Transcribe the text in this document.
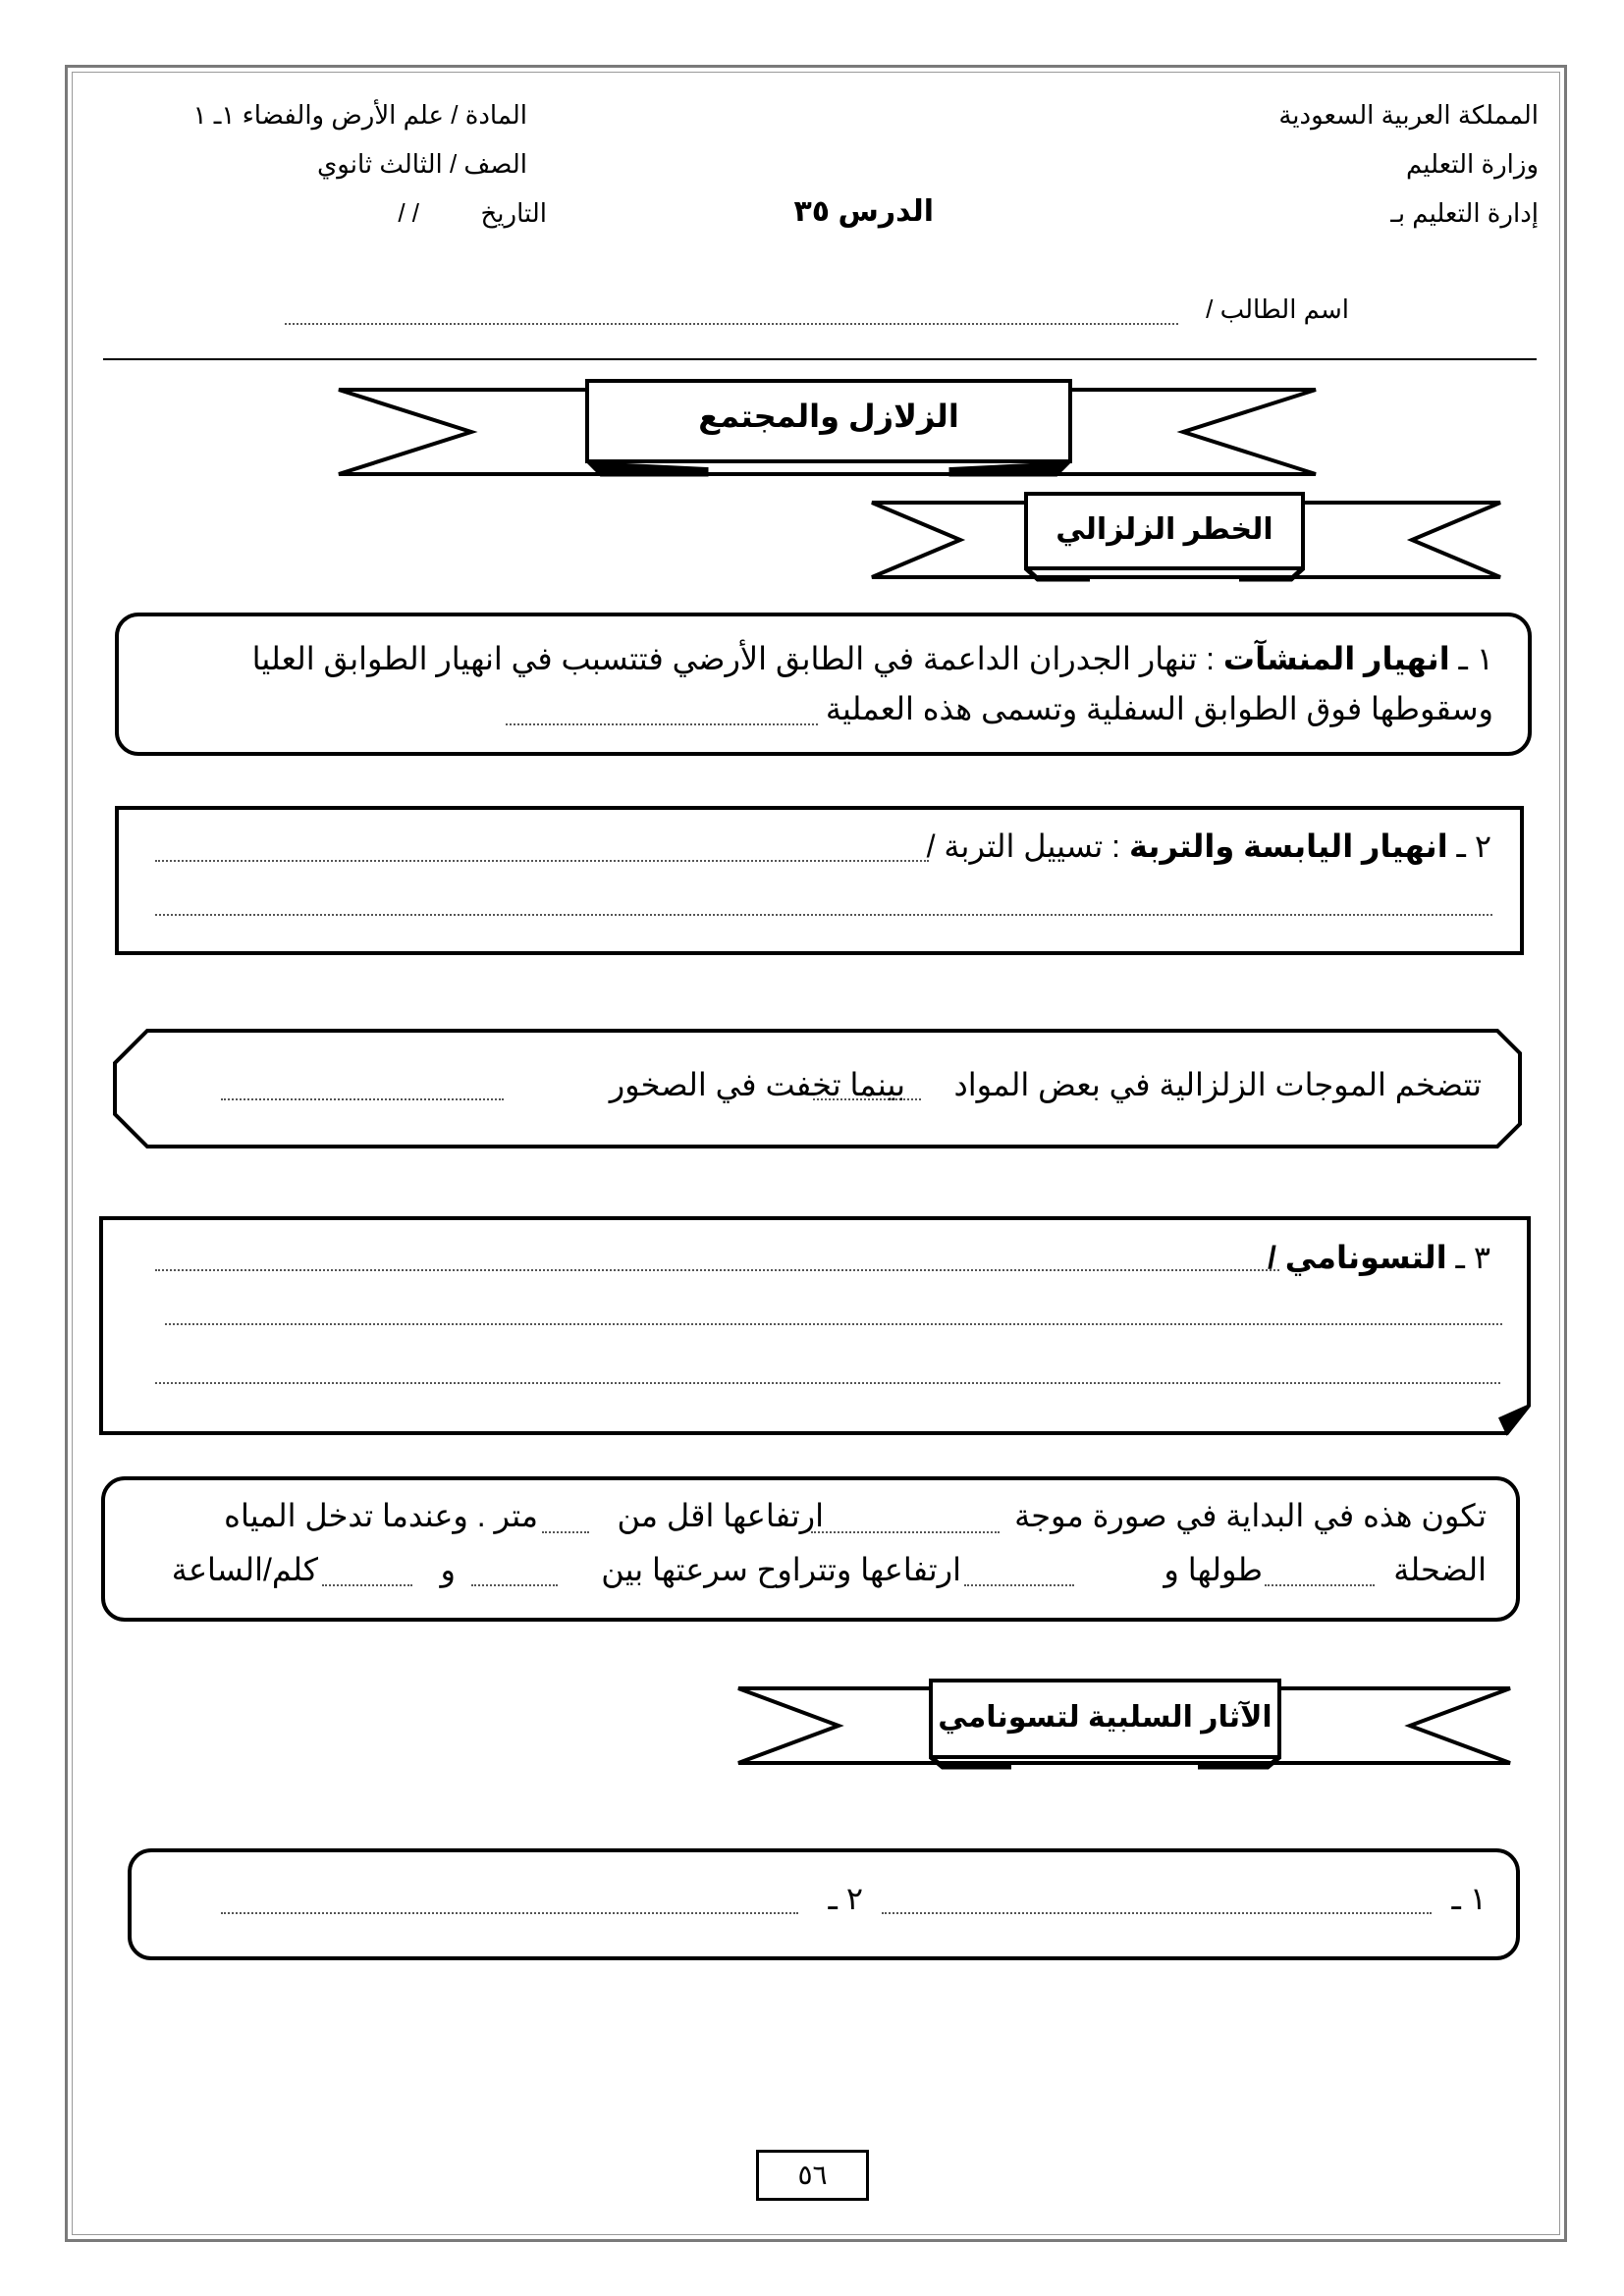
المملكة العربية السعودية
وزارة التعليم
إدارة التعليم بـ
المادة / علم الأرض والفضاء ١ـ ١
الصف / الثالث ثانوي
التاريخ
/ /	الدرس ٣٥
اسم الطالب /
الزلازل والمجتمع
الخطر الزلزالي
١ ـ انهيار المنشآت : تنهار الجدران الداعمة في الطابق الأرضي فتتسبب في انهيار الطوابق العليا
وسقوطها فوق الطوابق السفلية وتسمى هذه العملية
٢ ـ انهيار اليابسة والتربة : تسييل التربة /
تتضخم الموجات الزلزالية في بعض المواد
بينما تخفت في الصخور
٣ ـ التسونامي /
تكون هذه في البداية في صورة موجة
ارتفاعها اقل من
متر . وعندما تدخل المياه
الضحلة
طولها و
ارتفاعها وتتراوح سرعتها بين
و
كلم/الساعة
الآثار السلبية لتسونامي
١ ـ
٢ ـ
٥٦
